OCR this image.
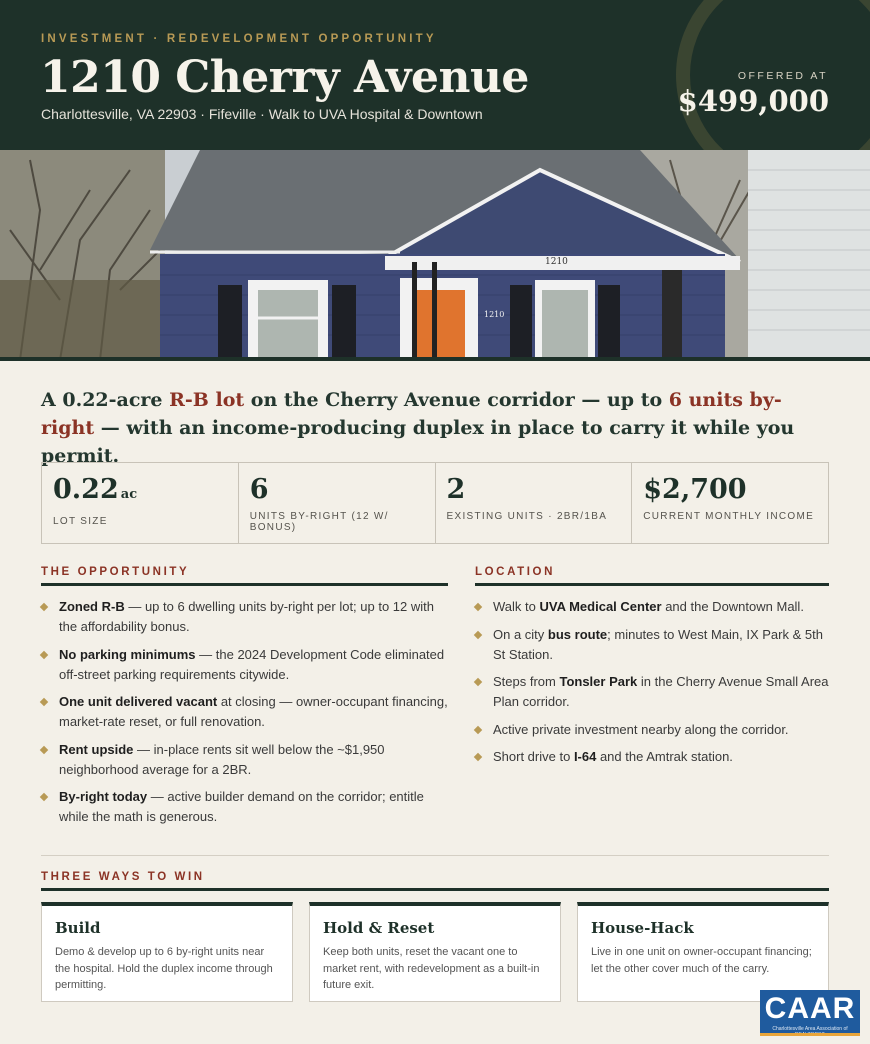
INVESTMENT · REDEVELOPMENT OPPORTUNITY
1210 Cherry Avenue
Charlottesville, VA 22903 · Fifeville · Walk to UVA Hospital & Downtown
OFFERED AT
$499,000
1210
1210
A 0.22-acre R-B lot on the Cherry Avenue corridor — up to 6 units by-right — with an income-producing duplex in place to carry it while you permit.
0.22 ac
LOT SIZE
6
UNITS BY-RIGHT (12 W/ BONUS)
2
EXISTING UNITS · 2BR/1BA
$2,700
CURRENT MONTHLY INCOME
THE OPPORTUNITY
Zoned R-B — up to 6 dwelling units by-right per lot; up to 12 with the affordability bonus.
No parking minimums — the 2024 Development Code eliminated off-street parking requirements citywide.
One unit delivered vacant at closing — owner-occupant financing, market-rate reset, or full renovation.
Rent upside — in-place rents sit well below the ~$1,950 neighborhood average for a 2BR.
By-right today — active builder demand on the corridor; entitle while the math is generous.
LOCATION
Walk to UVA Medical Center and the Downtown Mall.
On a city bus route; minutes to West Main, IX Park & 5th St Station.
Steps from Tonsler Park in the Cherry Avenue Small Area Plan corridor.
Active private investment nearby along the corridor.
Short drive to I-64 and the Amtrak station.
THREE WAYS TO WIN
Build
Demo & develop up to 6 by-right units near the hospital. Hold the duplex income through permitting.
Hold & Reset
Keep both units, reset the vacant one to market rent, with redevelopment as a built-in future exit.
House-Hack
Live in one unit on owner-occupant financing; let the other cover much of the carry.
CAAR
Charlottesville Area Association of
